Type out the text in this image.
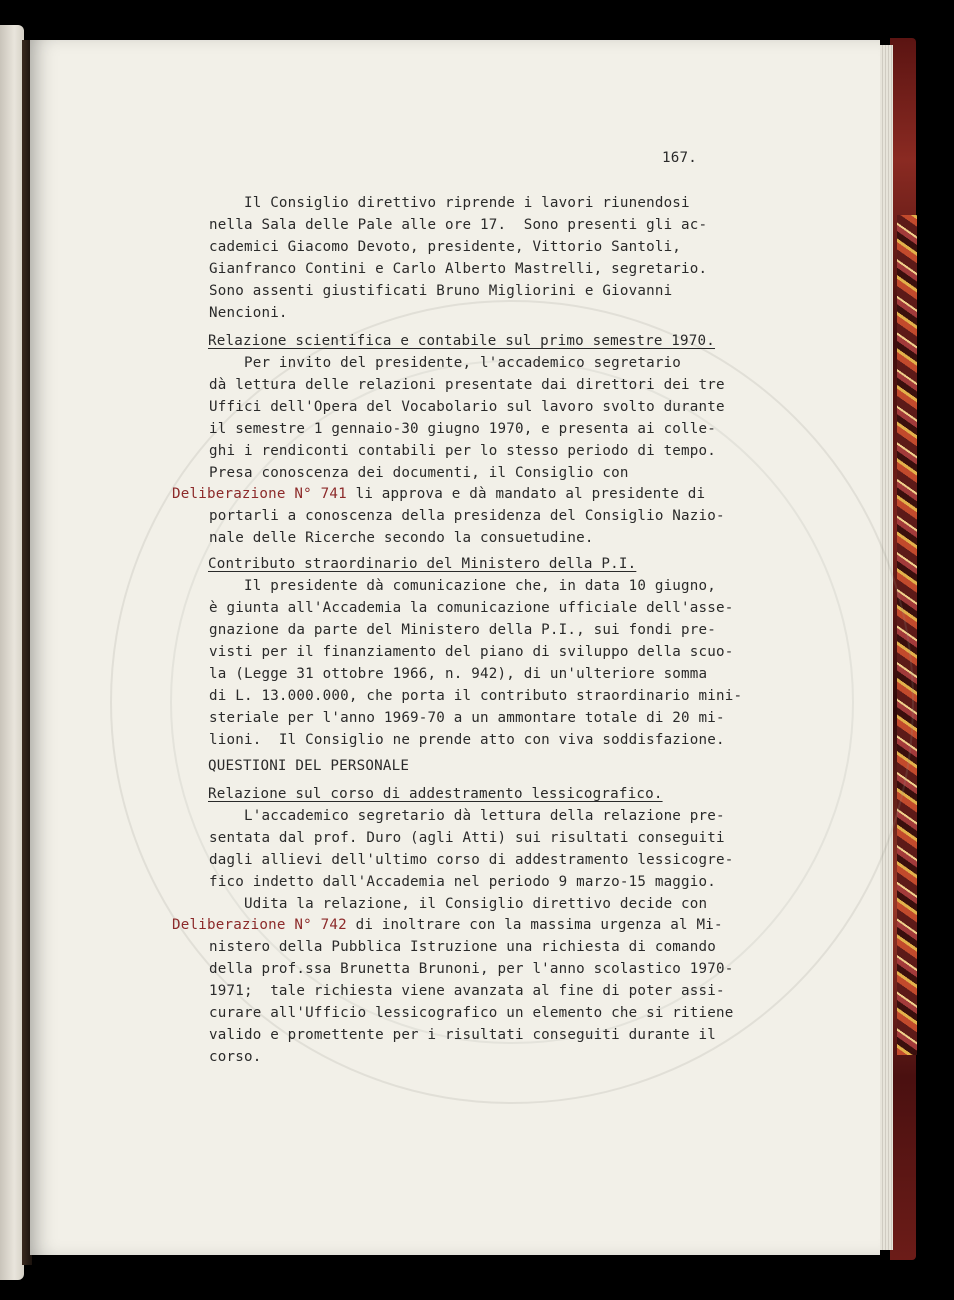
167.
Il Consiglio direttivo riprende i lavori riunendosi
nella Sala delle Pale alle ore 17.  Sono presenti gli ac-
cademici Giacomo Devoto, presidente, Vittorio Santoli,
Gianfranco Contini e Carlo Alberto Mastrelli, segretario.
Sono assenti giustificati Bruno Migliorini e Giovanni
Nencioni.
Relazione scientifica e contabile sul primo semestre 1970.
Per invito del presidente, l'accademico segretario
dà lettura delle relazioni presentate dai direttori dei tre
Uffici dell'Opera del Vocabolario sul lavoro svolto durante
il semestre 1 gennaio-30 giugno 1970, e presenta ai colle-
ghi i rendiconti contabili per lo stesso periodo di tempo.
Presa conoscenza dei documenti, il Consiglio con
Deliberazione N° 741 li approva e dà mandato al presidente di
portarli a conoscenza della presidenza del Consiglio Nazio-
nale delle Ricerche secondo la consuetudine.
Contributo straordinario del Ministero della P.I.
Il presidente dà comunicazione che, in data 10 giugno,
è giunta all'Accademia la comunicazione ufficiale dell'asse-
gnazione da parte del Ministero della P.I., sui fondi pre-
visti per il finanziamento del piano di sviluppo della scuo-
la (Legge 31 ottobre 1966, n. 942), di un'ulteriore somma
di L. 13.000.000, che porta il contributo straordinario mini-
steriale per l'anno 1969-70 a un ammontare totale di 20 mi-
lioni.  Il Consiglio ne prende atto con viva soddisfazione.
QUESTIONI DEL PERSONALE
Relazione sul corso di addestramento lessicografico.
L'accademico segretario dà lettura della relazione pre-
sentata dal prof. Duro (agli Atti) sui risultati conseguiti
dagli allievi dell'ultimo corso di addestramento lessicogre-
fico indetto dall'Accademia nel periodo 9 marzo-15 maggio.
Udita la relazione, il Consiglio direttivo decide con
Deliberazione N° 742 di inoltrare con la massima urgenza al Mi-
nistero della Pubblica Istruzione una richiesta di comando
della prof.ssa Brunetta Brunoni, per l'anno scolastico 1970-
1971;  tale richiesta viene avanzata al fine di poter assi-
curare all'Ufficio lessicografico un elemento che si ritiene
valido e promettente per i risultati conseguiti durante il
corso.
